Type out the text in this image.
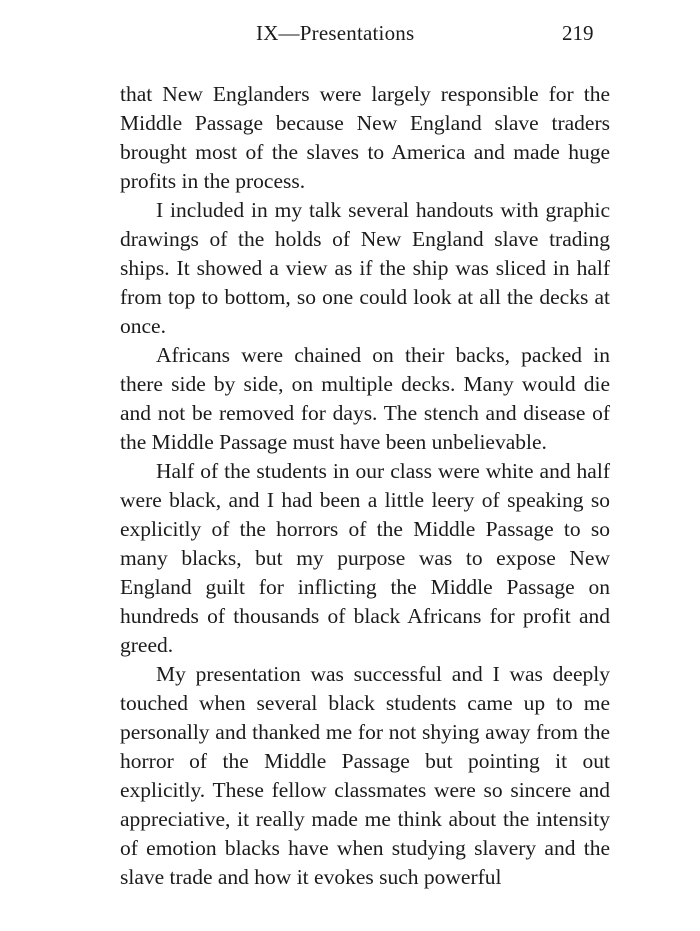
IX—Presentations	219

that New Englanders were largely responsible for the Middle Passage because New England slave traders brought most of the slaves to America and made huge profits in the process.

I included in my talk several handouts with graphic drawings of the holds of New England slave trading ships. It showed a view as if the ship was sliced in half from top to bottom, so one could look at all the decks at once.

Africans were chained on their backs, packed in there side by side, on multiple decks. Many would die and not be removed for days. The stench and disease of the Middle Passage must have been unbelievable.

Half of the students in our class were white and half were black, and I had been a little leery of speaking so explicitly of the horrors of the Middle Passage to so many blacks, but my purpose was to expose New England guilt for inflicting the Middle Passage on hundreds of thousands of black Africans for profit and greed.

My presentation was successful and I was deeply touched when several black students came up to me personally and thanked me for not shying away from the horror of the Middle Passage but pointing it out explicitly. These fellow classmates were so sincere and appreciative, it really made me think about the intensity of emotion blacks have when studying slavery and the slave trade and how it evokes such powerful
